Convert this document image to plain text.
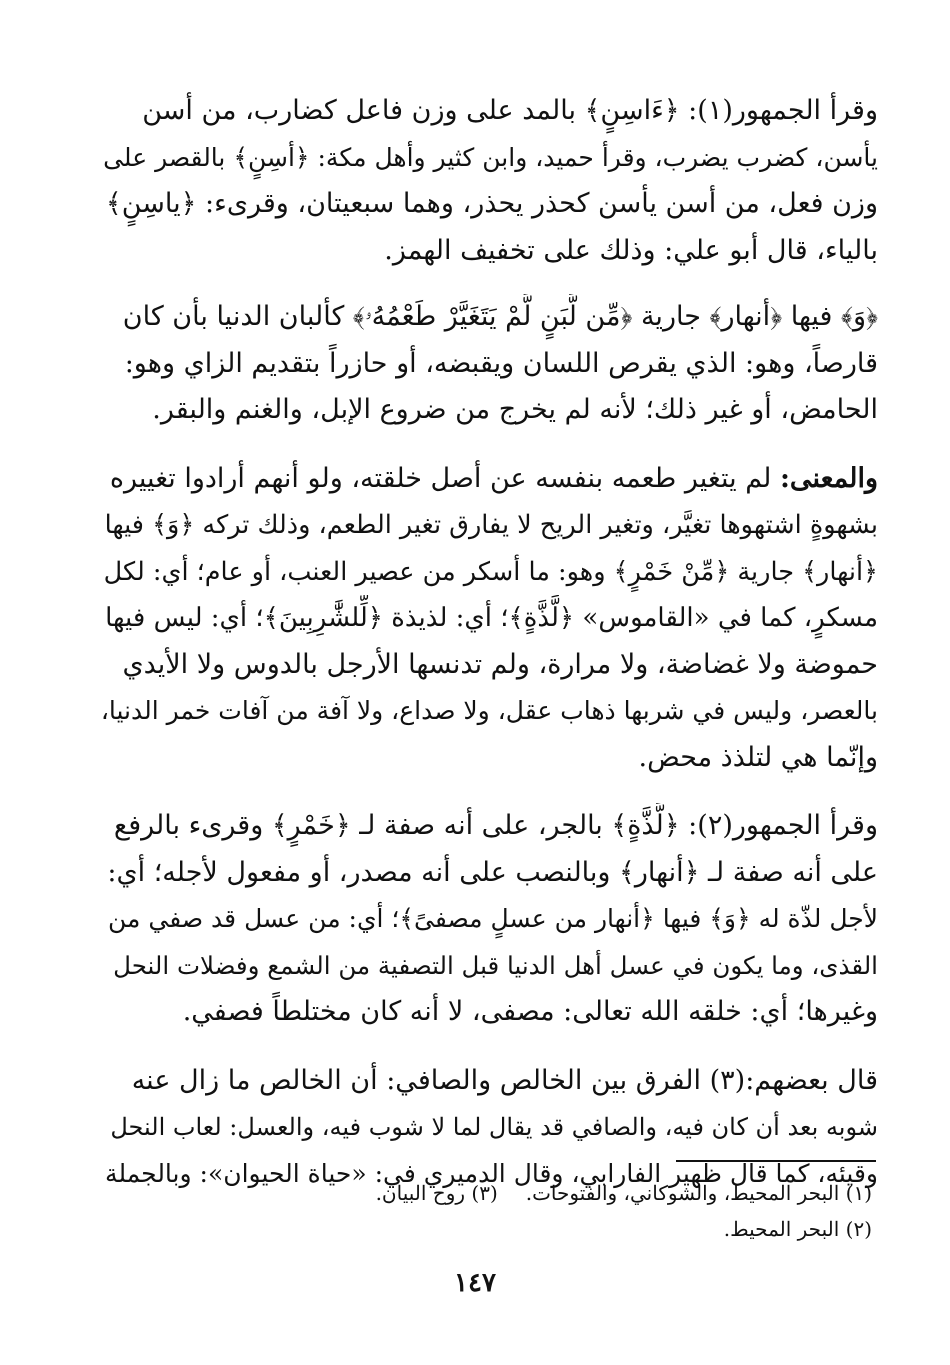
وقرأ الجمهور(١): ﴿ءَاسِنٍ﴾ بالمد على وزن فاعل كضارب، من أسن
يأسن، كضرب يضرب، وقرأ حميد، وابن كثير وأهل مكة: ﴿أسِنٍ﴾ بالقصر على
وزن فعل، من أسن يأسن كحذر يحذر، وهما سبعيتان، وقرىء: ﴿ياسِنٍ﴾
بالياء، قال أبو علي: وذلك على تخفيف الهمز.

﴿وَ﴾ فيها ﴿أنهار﴾ جارية ﴿مِّن لَّبَنٍ لَّمْ يَتَغَيَّرْ طَعْمُهُۥ﴾ كألبان الدنيا بأن كان
قارصاً، وهو: الذي يقرص اللسان ويقبضه، أو حازراً بتقديم الزاي وهو:
الحامض، أو غير ذلك؛ لأنه لم يخرج من ضروع الإبل، والغنم والبقر.

والمعنى: لم يتغير طعمه بنفسه عن أصل خلقته، ولو أنهم أرادوا تغييره
بشهوةٍ اشتهوها تغيَّر، وتغير الريح لا يفارق تغير الطعم، وذلك تركه ﴿وَ﴾ فيها
﴿أنهار﴾ جارية ﴿مِّنْ خَمْرٍ﴾ وهو: ما أسكر من عصير العنب، أو عام؛ أي: لكل
مسكرٍ، كما في «القاموس» ﴿لَّذَّةٍ﴾؛ أي: لذيذة ﴿لِّلشَّٰرِبِينَ﴾؛ أي: ليس فيها
حموضة ولا غضاضة، ولا مرارة، ولم تدنسها الأرجل بالدوس ولا الأيدي
بالعصر، وليس في شربها ذهاب عقل، ولا صداع، ولا آفة من آفات خمر الدنيا،
وإنّما هي لتلذذ محض.

وقرأ الجمهور(٢): ﴿لَّذَّةٍ﴾ بالجر، على أنه صفة لـ ﴿خَمْرٍ﴾ وقرىء بالرفع
على أنه صفة لـ ﴿أنهار﴾ وبالنصب على أنه مصدر، أو مفعول لأجله؛ أي:
لأجل لذّة له ﴿وَ﴾ فيها ﴿أنهار من عسلٍ مصفىً﴾؛ أي: من عسل قد صفي من
القذى، وما يكون في عسل أهل الدنيا قبل التصفية من الشمع وفضلات النحل
وغيرها؛ أي: خلقه الله تعالى: مصفى، لا أنه كان مختلطاً فصفي.

قال بعضهم:(٣) الفرق بين الخالص والصافي: أن الخالص ما زال عنه
شوبه بعد أن كان فيه، والصافي قد يقال لما لا شوب فيه، والعسل: لعاب النحل
وقيئه، كما قال ظهير الفارابي، وقال الدميري في: «حياة الحيوان»: وبالجملة

(١) البحر المحيط، والشوكاني، والفتوحات.(٣) روح البيان.
(٢) البحر المحيط.
١٤٧
